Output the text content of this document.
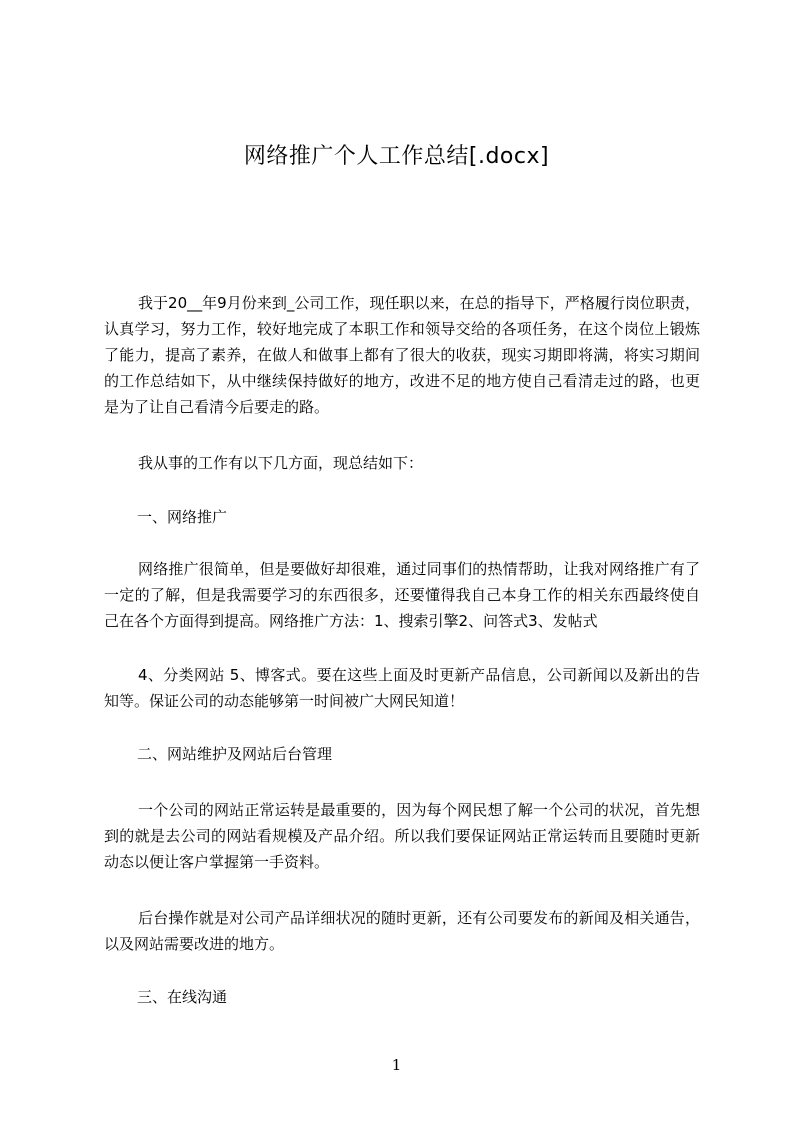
网络推广个人工作总结[.docx]

我于20__年9月份来到_公司工作，现任职以来，在总的指导下，严格履行岗位职责，认真学习，努力工作，较好地完成了本职工作和领导交给的各项任务，在这个岗位上锻炼了能力，提高了素养，在做人和做事上都有了很大的收获，现实习期即将满，将实习期间的工作总结如下，从中继续保持做好的地方，改进不足的地方使自己看清走过的路，也更是为了让自己看清今后要走的路。

我从事的工作有以下几方面，现总结如下：

一、网络推广

网络推广很简单，但是要做好却很难，通过同事们的热情帮助，让我对网络推广有了一定的了解，但是我需要学习的东西很多，还要懂得我自己本身工作的相关东西最终使自己在各个方面得到提高。网络推广方法：1、搜索引擎2、问答式3、发帖式

4、分类网站 5、博客式。要在这些上面及时更新产品信息，公司新闻以及新出的告知等。保证公司的动态能够第一时间被广大网民知道！

二、网站维护及网站后台管理

一个公司的网站正常运转是最重要的，因为每个网民想了解一个公司的状况，首先想到的就是去公司的网站看规模及产品介绍。所以我们要保证网站正常运转而且要随时更新动态以便让客户掌握第一手资料。

后台操作就是对公司产品详细状况的随时更新，还有公司要发布的新闻及相关通告，以及网站需要改进的地方。

三、在线沟通

1
